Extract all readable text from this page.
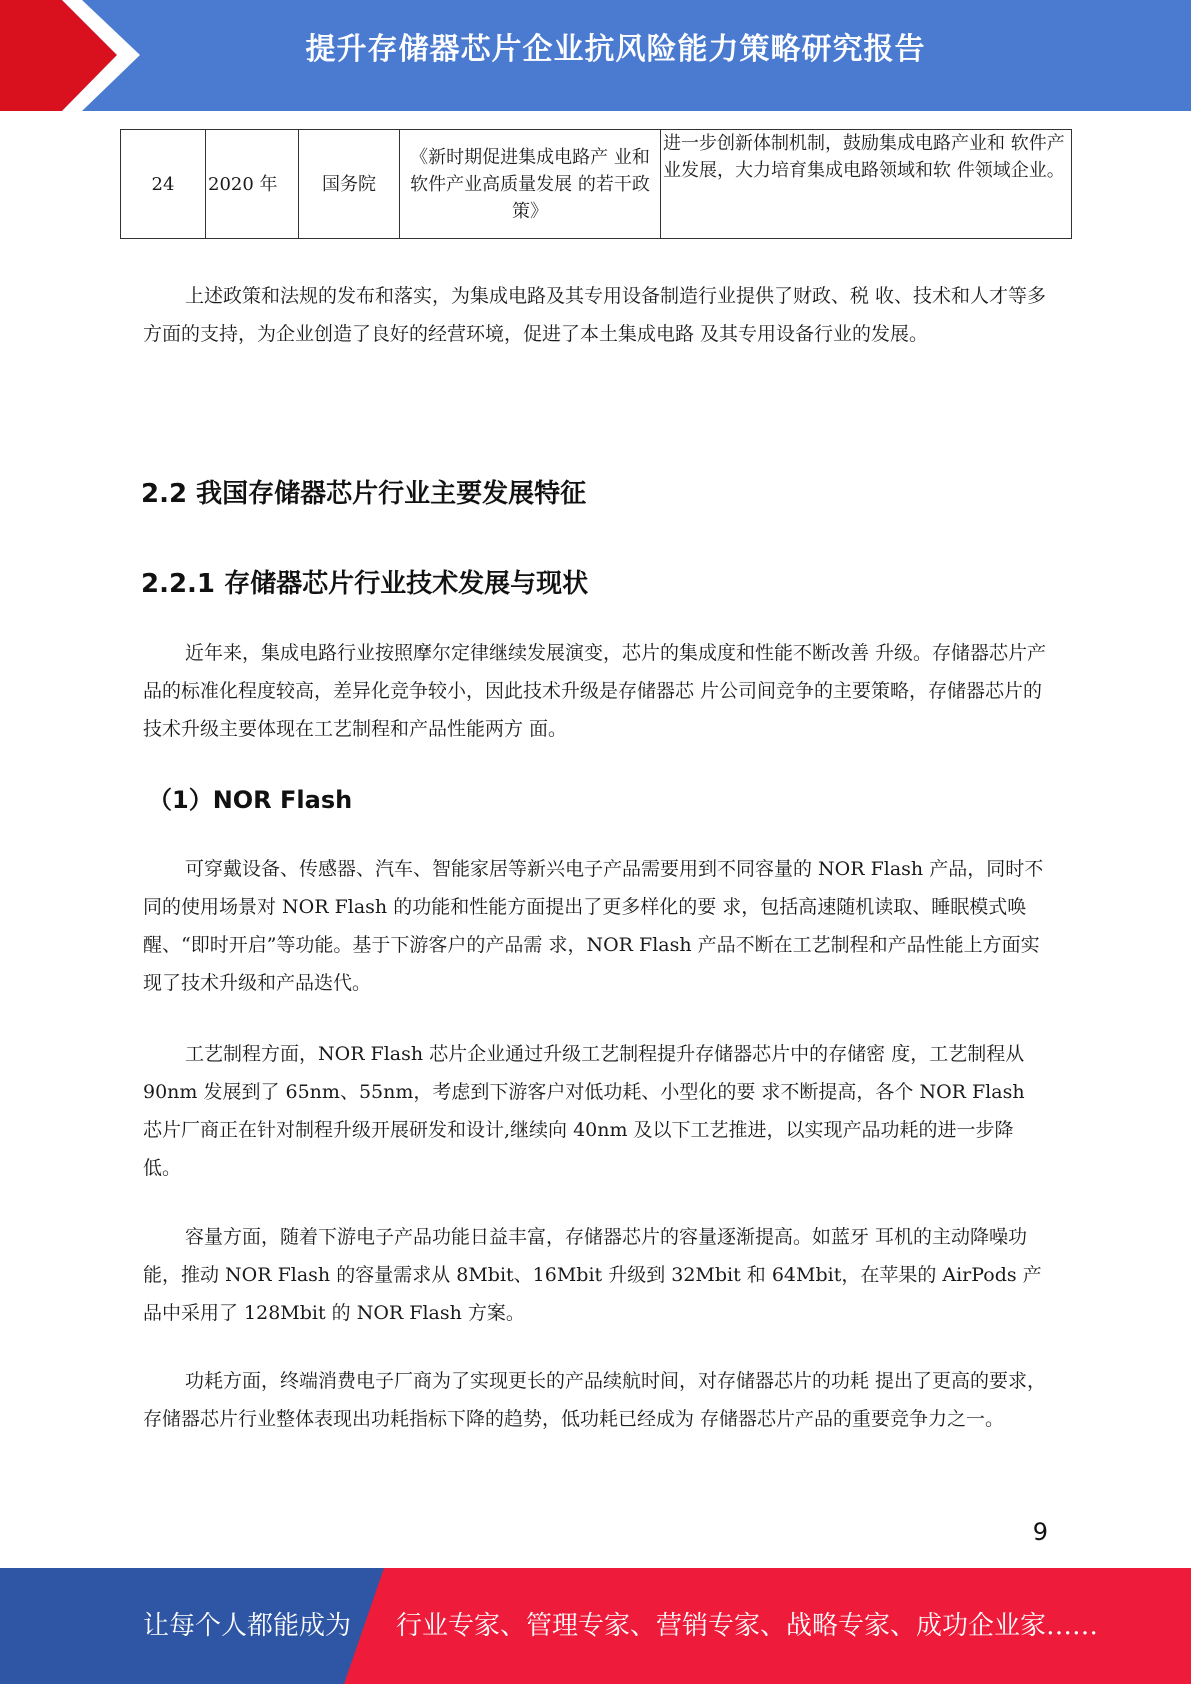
提升存储器芯片企业抗风险能力策略研究报告
24	2020 年	国务院	《新时期促进集成电路产 业和软件产业高质量发展 的若干政策》	进一步创新体制机制，鼓励集成电路产业和 软件产业发展，大力培育集成电路领域和软 件领域企业。

上述政策和法规的发布和落实，为集成电路及其专用设备制造行业提供了财政、税 收、技术和人才等多方面的支持，为企业创造了良好的经营环境，促进了本土集成电路 及其专用设备行业的发展。

2.2 我国存储器芯片行业主要发展特征
2.2.1 存储器芯片行业技术发展与现状

近年来，集成电路行业按照摩尔定律继续发展演变，芯片的集成度和性能不断改善 升级。存储器芯片产品的标准化程度较高，差异化竞争较小，因此技术升级是存储器芯 片公司间竞争的主要策略，存储器芯片的技术升级主要体现在工艺制程和产品性能两方 面。

（1）NOR Flash

可穿戴设备、传感器、汽车、智能家居等新兴电子产品需要用到不同容量的 NOR Flash 产品，同时不同的使用场景对 NOR Flash 的功能和性能方面提出了更多样化的要 求，包括高速随机读取、睡眠模式唤醒、“即时开启”等功能。基于下游客户的产品需 求，NOR Flash 产品不断在工艺制程和产品性能上方面实现了技术升级和产品迭代。

工艺制程方面，NOR Flash 芯片企业通过升级工艺制程提升存储器芯片中的存储密 度，工艺制程从 90nm 发展到了 65nm、55nm，考虑到下游客户对低功耗、小型化的要 求不断提高，各个 NOR Flash 芯片厂商正在针对制程升级开展研发和设计,继续向 40nm 及以下工艺推进，以实现产品功耗的进一步降低。

容量方面，随着下游电子产品功能日益丰富，存储器芯片的容量逐渐提高。如蓝牙 耳机的主动降噪功能，推动 NOR Flash 的容量需求从 8Mbit、16Mbit 升级到 32Mbit 和 64Mbit，在苹果的 AirPods 产品中采用了 128Mbit 的 NOR Flash 方案。

功耗方面，终端消费电子厂商为了实现更长的产品续航时间，对存储器芯片的功耗 提出了更高的要求，存储器芯片行业整体表现出功耗指标下降的趋势，低功耗已经成为 存储器芯片产品的重要竞争力之一。

9
让每个人都能成为 行业专家、管理专家、营销专家、战略专家、成功企业家……
